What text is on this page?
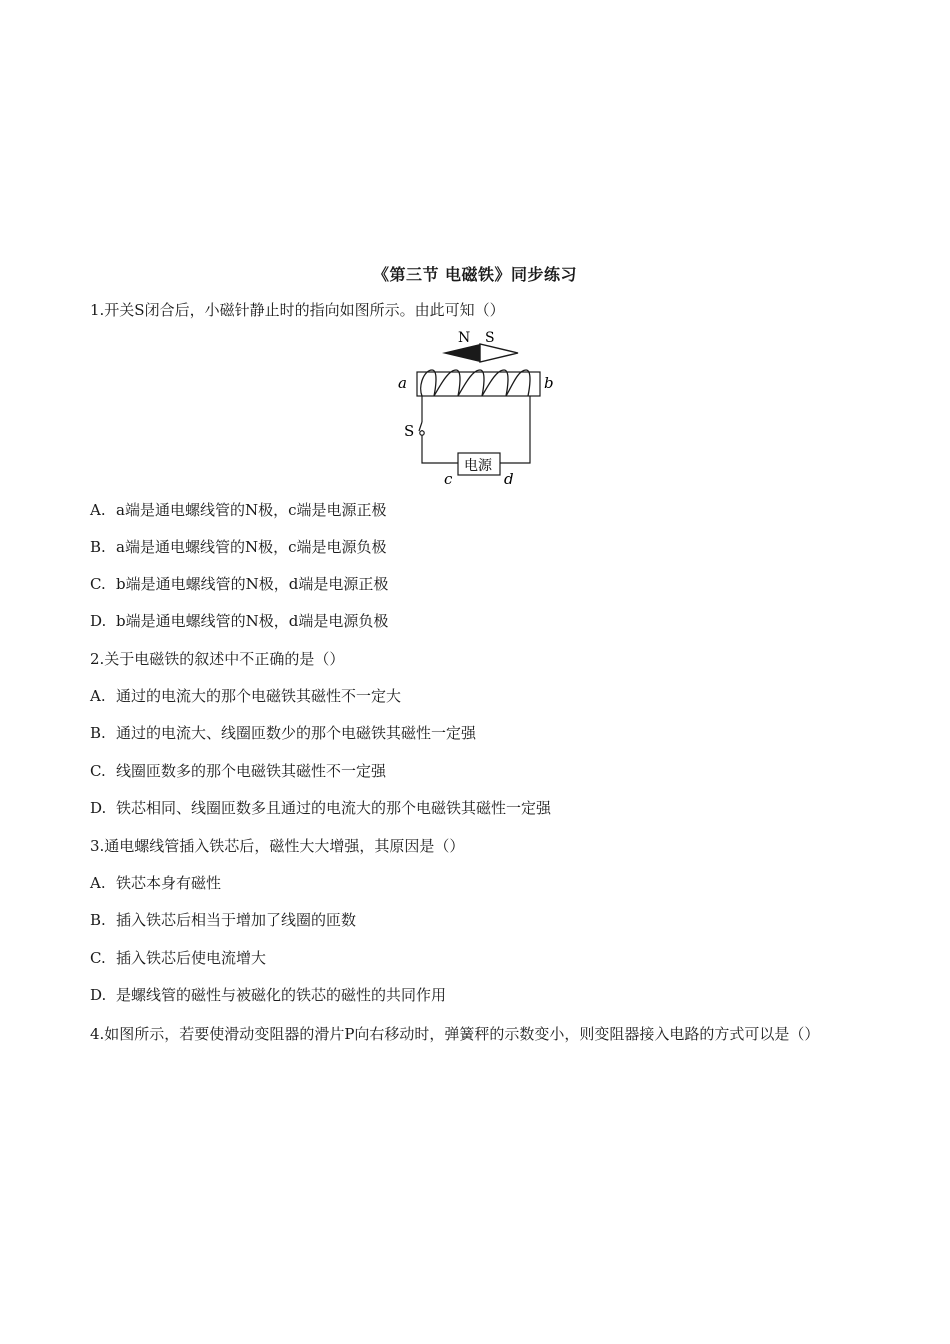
《第三节 电磁铁》同步练习
1.开关S闭合后，小磁针静止时的指向如图所示。由此可知（）
N S
a	b
S
电源
c	d
A. a端是通电螺线管的N极，c端是电源正极
B. a端是通电螺线管的N极，c端是电源负极
C. b端是通电螺线管的N极，d端是电源正极
D. b端是通电螺线管的N极，d端是电源负极
2.关于电磁铁的叙述中不正确的是（）
A. 通过的电流大的那个电磁铁其磁性不一定大
B. 通过的电流大、线圈匝数少的那个电磁铁其磁性一定强
C. 线圈匝数多的那个电磁铁其磁性不一定强
D. 铁芯相同、线圈匝数多且通过的电流大的那个电磁铁其磁性一定强
3.通电螺线管插入铁芯后，磁性大大增强，其原因是（）
A. 铁芯本身有磁性
B. 插入铁芯后相当于增加了线圈的匝数
C. 插入铁芯后使电流增大
D. 是螺线管的磁性与被磁化的铁芯的磁性的共同作用
4.如图所示，若要使滑动变阻器的滑片P向右移动时，弹簧秤的示数变小，则变阻器接入电路的方式可以是（）
